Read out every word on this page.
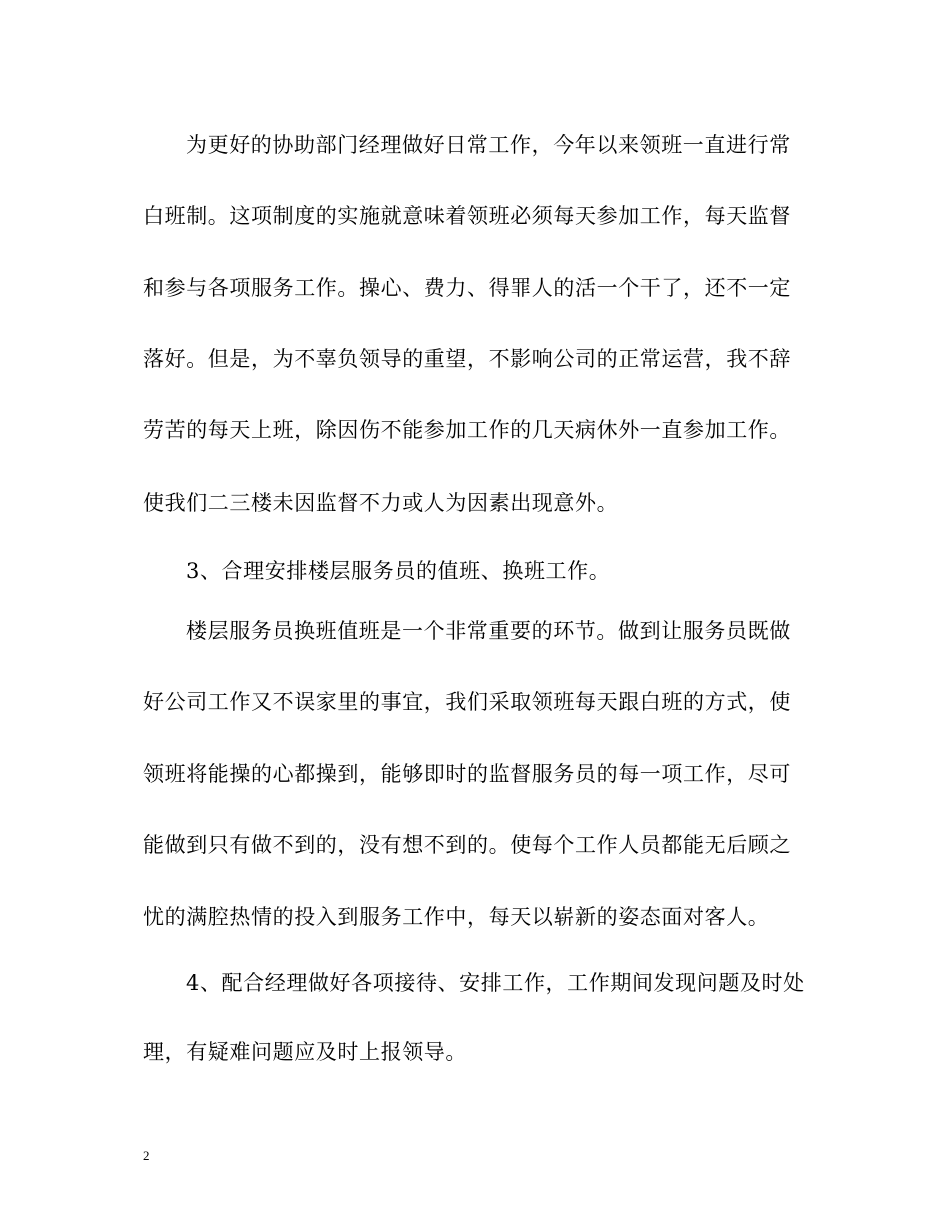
为更好的协助部门经理做好日常工作，今年以来领班一直进行常
白班制。这项制度的实施就意味着领班必须每天参加工作，每天监督
和参与各项服务工作。操心、费力、得罪人的活一个干了，还不一定
落好。但是，为不辜负领导的重望，不影响公司的正常运营，我不辞
劳苦的每天上班，除因伤不能参加工作的几天病休外一直参加工作。
使我们二三楼未因监督不力或人为因素出现意外。
3、合理安排楼层服务员的值班、换班工作。
楼层服务员换班值班是一个非常重要的环节。做到让服务员既做
好公司工作又不误家里的事宜，我们采取领班每天跟白班的方式，使
领班将能操的心都操到，能够即时的监督服务员的每一项工作，尽可
能做到只有做不到的，没有想不到的。使每个工作人员都能无后顾之
忧的满腔热情的投入到服务工作中，每天以崭新的姿态面对客人。
4、配合经理做好各项接待、安排工作，工作期间发现问题及时处
理，有疑难问题应及时上报领导。
2
